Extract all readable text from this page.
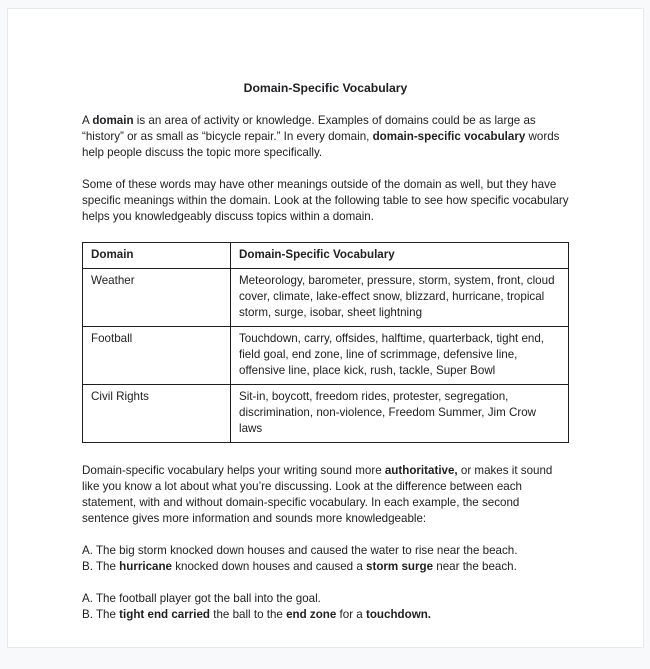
Domain-Specific Vocabulary

A domain is an area of activity or knowledge. Examples of domains could be as large as “history” or as small as “bicycle repair.” In every domain, domain-specific vocabulary words help people discuss the topic more specifically.

Some of these words may have other meanings outside of the domain as well, but they have specific meanings within the domain. Look at the following table to see how specific vocabulary helps you knowledgeably discuss topics within a domain.

Domain	Domain-Specific Vocabulary
Weather	Meteorology, barometer, pressure, storm, system, front, cloud cover, climate, lake-effect snow, blizzard, hurricane, tropical storm, surge, isobar, sheet lightning
Football	Touchdown, carry, offsides, halftime, quarterback, tight end, field goal, end zone, line of scrimmage, defensive line, offensive line, place kick, rush, tackle, Super Bowl
Civil Rights	Sit-in, boycott, freedom rides, protester, segregation, discrimination, non-violence, Freedom Summer, Jim Crow laws

Domain-specific vocabulary helps your writing sound more authoritative, or makes it sound like you know a lot about what you’re discussing. Look at the difference between each statement, with and without domain-specific vocabulary. In each example, the second sentence gives more information and sounds more knowledgeable:

A. The big storm knocked down houses and caused the water to rise near the beach.

B. The hurricane knocked down houses and caused a storm surge near the beach.

A. The football player got the ball into the goal.

B. The tight end carried the ball to the end zone for a touchdown.
